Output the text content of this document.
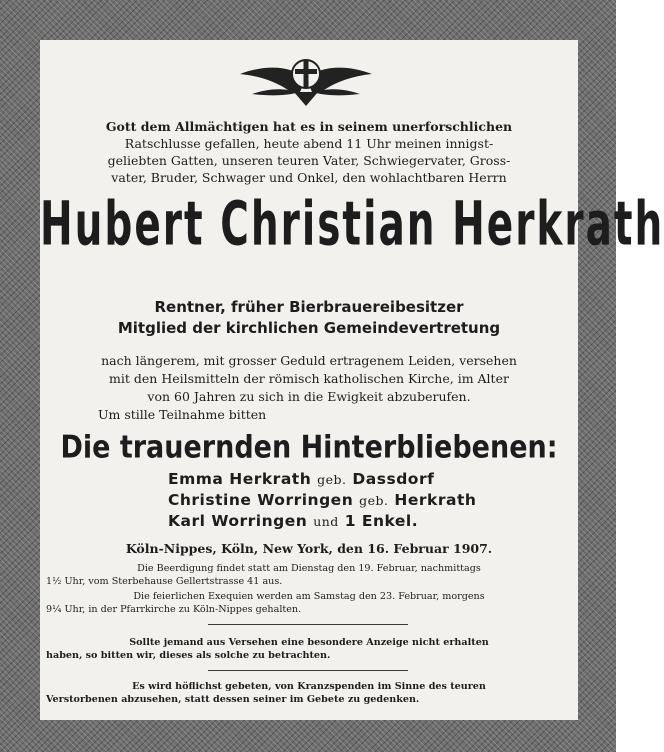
Gott dem Allmächtigen hat es in seinem unerforschlichen
Ratschlusse gefallen, heute abend 11 Uhr meinen innigst-
geliebten Gatten, unseren teuren Vater, Schwiegervater, Gross-
vater, Bruder, Schwager und Onkel, den wohlachtbaren Herrn
Hubert Christian Herkrath
Rentner, früher Bierbrauereibesitzer
Mitglied der kirchlichen Gemeindevertretung
nach längerem, mit grosser Geduld ertragenem Leiden, versehen
mit den Heilsmitteln der römisch katholischen Kirche, im Alter
von 60 Jahren zu sich in die Ewigkeit abzuberufen.
Um stille Teilnahme bitten
Die trauernden Hinterbliebenen:
Emma Herkrath geb. Dassdorf
Christine Worringen geb. Herkrath
Karl Worringen und 1 Enkel.
Köln-Nippes, Köln, New York, den 16. Februar 1907.
Die Beerdigung findet statt am Dienstag den 19. Februar, nachmittags
1½ Uhr, vom Sterbehause Gellertstrasse 41 aus.
Die feierlichen Exequien werden am Samstag den 23. Februar, morgens
9¼ Uhr, in der Pfarrkirche zu Köln-Nippes gehalten.
Sollte jemand aus Versehen eine besondere Anzeige nicht erhalten
haben, so bitten wir, dieses als solche zu betrachten.
Es wird höflichst gebeten, von Kranzspenden im Sinne des teuren
Verstorbenen abzusehen, statt dessen seiner im Gebete zu gedenken.
